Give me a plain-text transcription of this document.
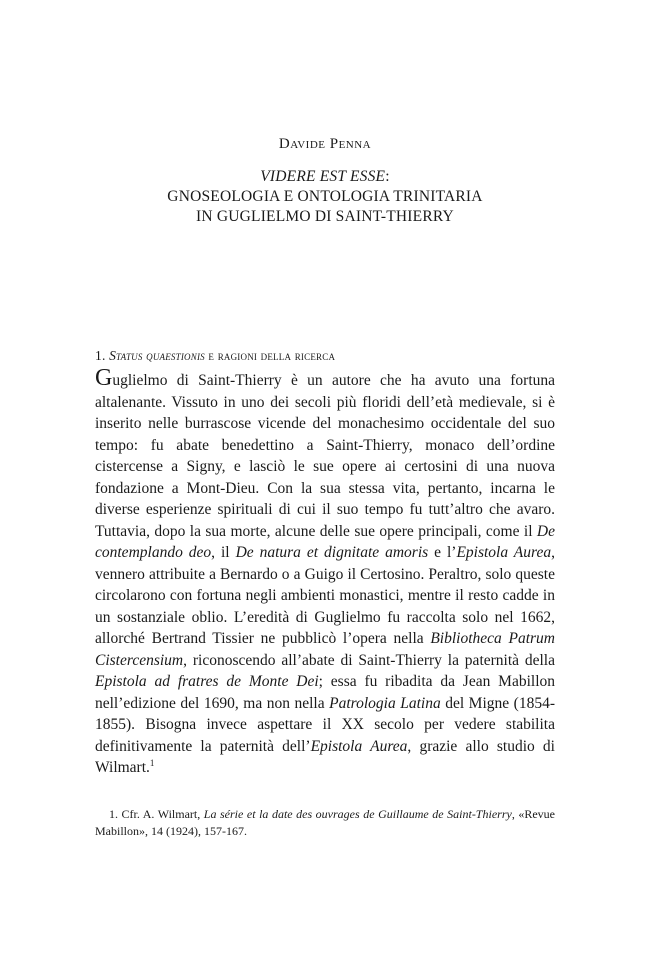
Davide Penna

VIDERE EST ESSE:

GNOSEOLOGIA E ONTOLOGIA TRINITARIA

IN GUGLIELMO DI SAINT-THIERRY

1. Status quaestionis e ragioni della ricerca

Guglielmo di Saint-Thierry è un autore che ha avuto una fortuna altalenante. Vissuto in uno dei secoli più floridi dell’età medievale, si è inserito nelle burrascose vicende del monachesimo occidentale del suo tempo: fu abate benedettino a Saint-Thierry, monaco dell’ordine cistercense a Signy, e lasciò le sue opere ai certosini di una nuova fondazione a Mont-Dieu. Con la sua stessa vita, pertanto, incarna le diverse esperienze spirituali di cui il suo tempo fu tutt’altro che avaro. Tuttavia, dopo la sua morte, alcune delle sue opere principali, come il De contemplando deo, il De natura et dignitate amoris e l’Epistola Aurea, vennero attribuite a Bernardo o a Guigo il Certosino. Peraltro, solo queste circolarono con fortuna negli ambienti monastici, mentre il resto cadde in un sostanziale oblio. L’eredità di Guglielmo fu raccolta solo nel 1662, allorché Bertrand Tissier ne pubblicò l’opera nella Bibliotheca Patrum Cistercensium, riconoscendo all’abate di Saint-Thierry la paternità della Epistola ad fratres de Monte Dei; essa fu ribadita da Jean Mabillon nell’edizione del 1690, ma non nella Patrologia Latina del Migne (1854-1855). Bisogna invece aspettare il XX secolo per vedere stabilita definitivamente la paternità dell’Epistola Aurea, grazie allo studio di Wilmart.$^1$

1. Cfr. A. Wilmart, La série et la date des ouvrages de Guillaume de Saint-Thierry, «Revue Mabillon», 14 (1924), 157-167.
